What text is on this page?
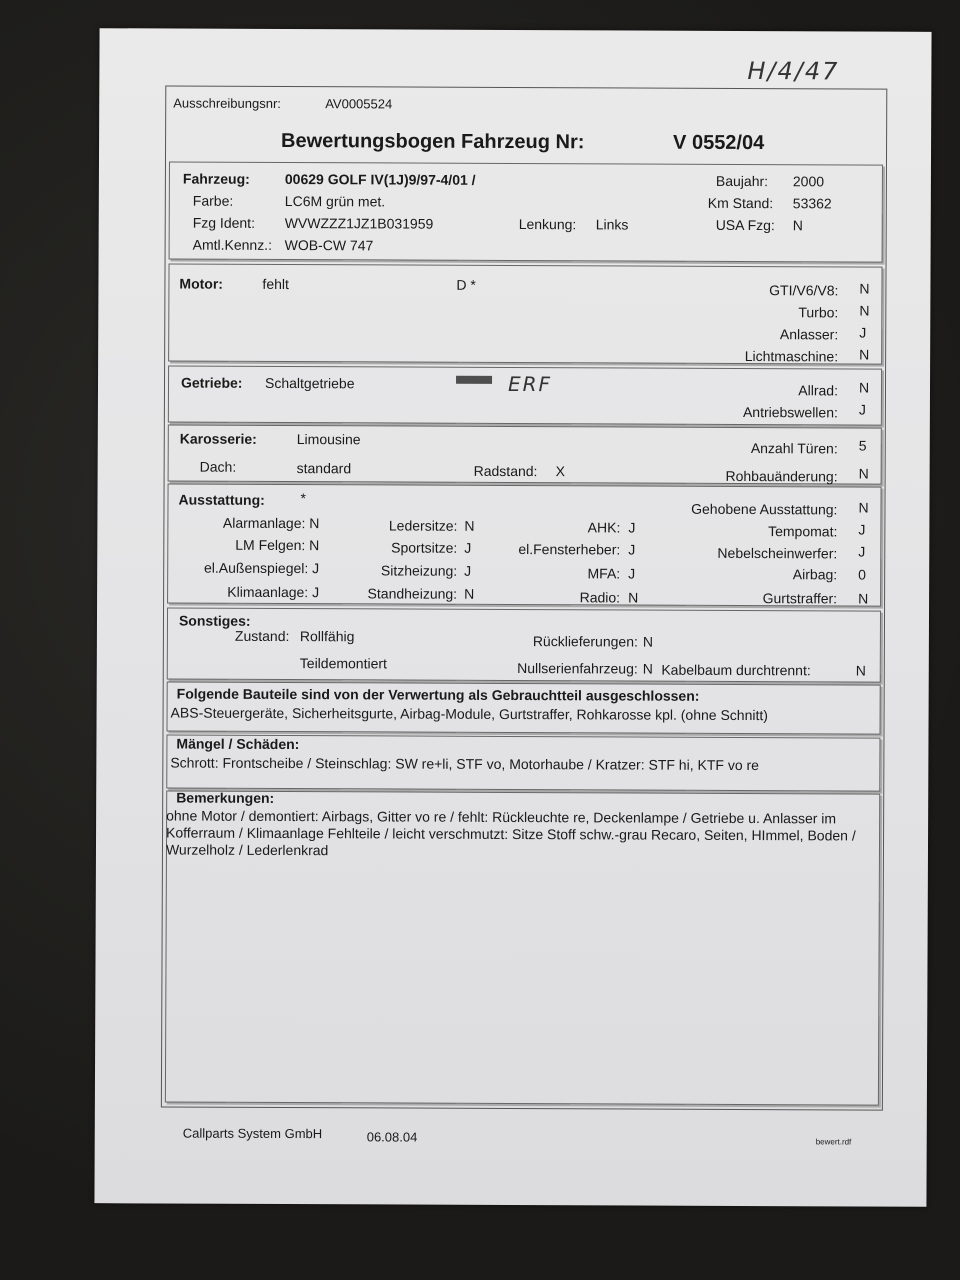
H/4/47
Ausschreibungsnr:	AV0005524
Bewertungsbogen Fahrzeug Nr:	V 0552/04
Fahrzeug:	00629 GOLF IV(1J)9/97-4/01 /
Farbe:	LC6M grün met.
Fzg Ident: WVWZZZ1JZ1B031959	Lenkung: Links
Amtl.Kennz.: WOB-CW 747
Baujahr: 2000
Km Stand: 53362
USA Fzg: N
Motor:	fehlt	D *	GTI/V6/V8: N
Turbo: N
Anlasser: J
Lichtmaschine: N
Getriebe: Schaltgetriebe	ERF	Allrad: N
Antriebswellen: J
Karosserie:	Limousine
Dach:	standard	Radstand: X
Anzahl Türen: 5
Rohbauänderung: N
Ausstattung:	*
Alarmanlage: N
LM Felgen: N
el.Außenspiegel: J
Klimaanlage: J
Ledersitze: N
Sportsitze: J
Sitzheizung: J
Standheizung: N
AHK: J
el.Fensterheber: J
MFA: J
Radio: N
Gehobene Ausstattung: N
Tempomat: J
Nebelscheinwerfer: J
Airbag: 0
Gurtstraffer: N
Sonstiges:
Zustand: Rollfähig
Teildemontiert
Rücklieferungen: N
Nullserienfahrzeug: N Kabelbaum durchtrennt:	N
Folgende Bauteile sind von der Verwertung als Gebrauchtteil ausgeschlossen:
ABS-Steuergeräte, Sicherheitsgurte, Airbag-Module, Gurtstraffer, Rohkarosse kpl. (ohne Schnitt)
Mängel / Schäden:
Schrott: Frontscheibe / Steinschlag: SW re+li, STF vo, Motorhaube / Kratzer: STF hi, KTF vo re
Bemerkungen:
ohne Motor / demontiert: Airbags, Gitter vo re / fehlt: Rückleuchte re, Deckenlampe / Getriebe u. Anlasser im
Kofferraum / Klimaanlage Fehlteile / leicht verschmutzt: Sitze Stoff schw.-grau Recaro, Seiten, HImmel, Boden /
Wurzelholz / Lederlenkrad
Callparts System GmbH	06.08.04	bewert.rdf
